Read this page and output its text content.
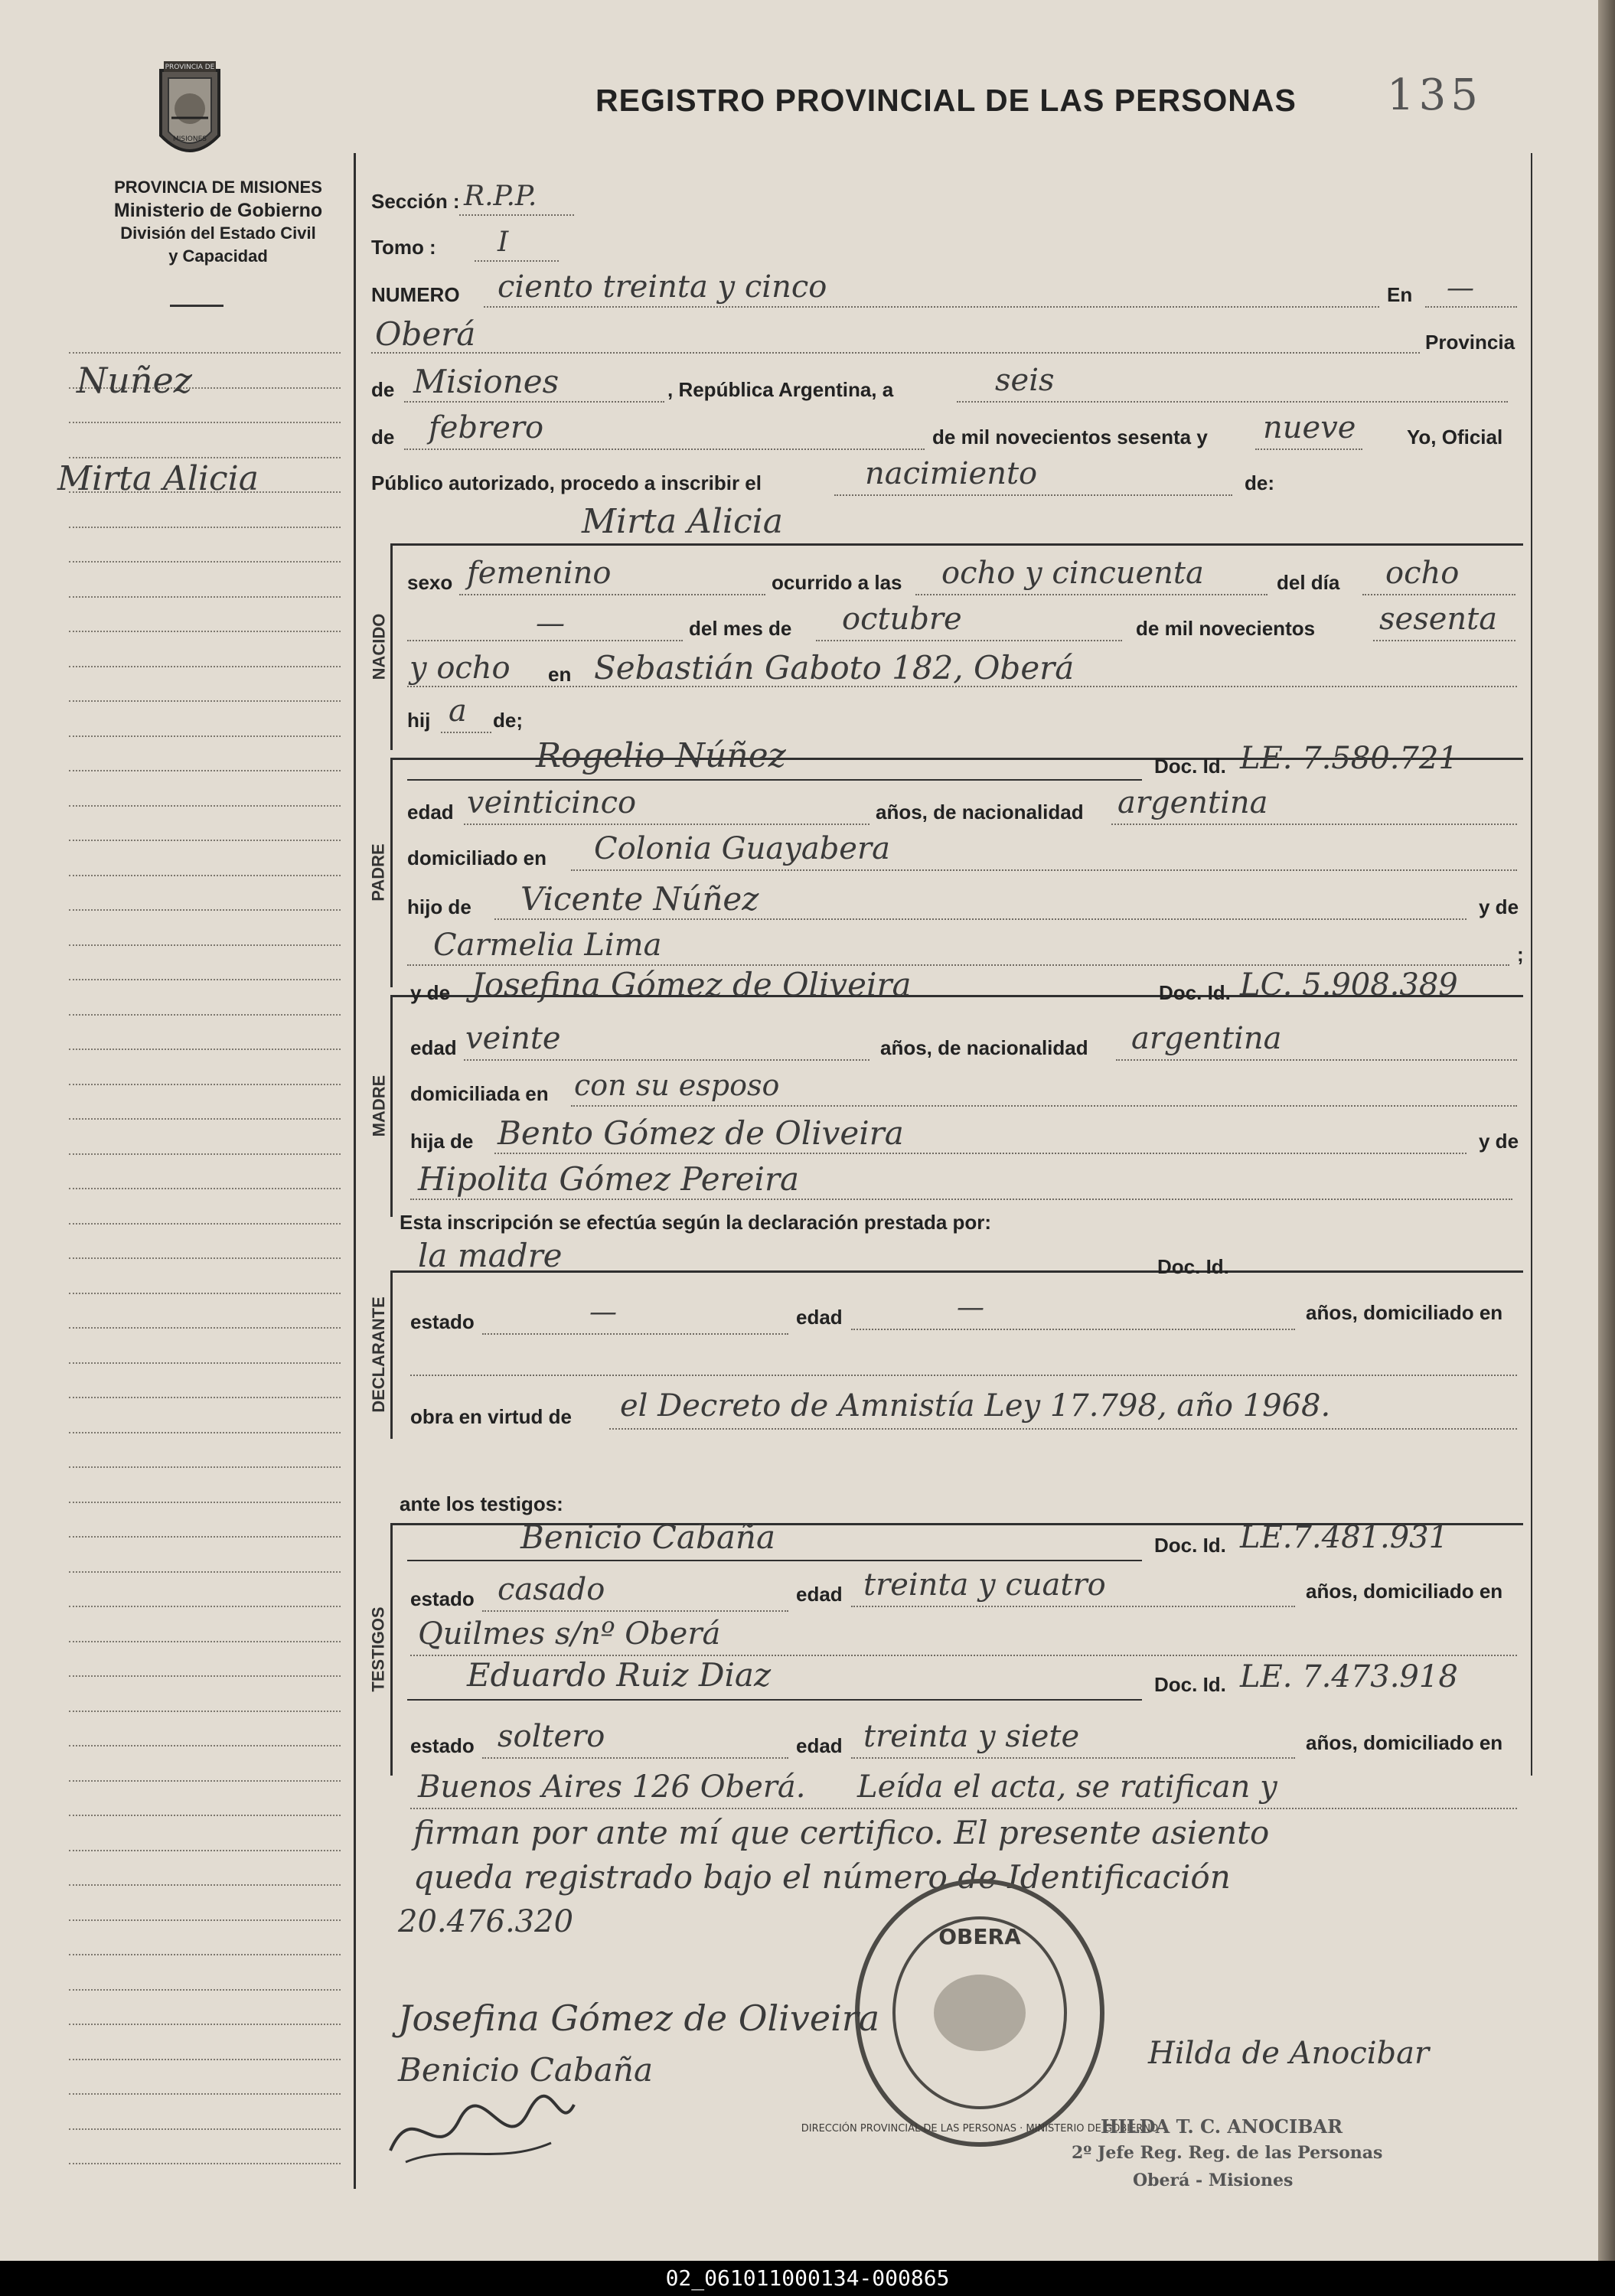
PROVINCIA DE
MISIONES
REGISTRO PROVINCIAL DE LAS PERSONAS 135
PROVINCIA DE MISIONES
Ministerio de Gobierno
División del Estado Civil
y Capacidad
Nuñez
Mirta Alicia
Sección : R.P.P.
Tomo : I
NUMERO ciento treinta y cinco	En —
Oberá	Provincia
de Misiones	, República Argentina, a	seis
de febrero	de mil novecientos sesenta y nueve	Yo, Oficial
Público autorizado, procedo a inscribir el	nacimiento	de:
Mirta Alicia
NACIDO
sexo femenino	ocurrido a las ocho y cincuenta	del día ocho
—	del mes de octubre	de mil novecientos sesenta
y ocho en Sebastián Gaboto 182, Oberá
hij a de;
PADRE
Rogelio Núñez	Doc. Id. LE. 7.580.721
edad veinticinco	años, de nacionalidad argentina
domiciliado en Colonia Guayabera
hijo de Vicente Núñez	y de
Carmelia Lima	;
MADRE
y de Josefina Gómez de Oliveira	Doc. Id. LC. 5.908.389
edad veinte	años, de nacionalidad argentina
domiciliada en con su esposo
hija de Bento Gómez de Oliveira	y de
Hipolita Gómez Pereira
Esta inscripción se efectúa según la declaración prestada por:
DECLARANTE
la madre	Doc. Id.
estado	—	edad	—	años, domiciliado en
obra en virtud de el Decreto de Amnistía Ley 17.798, año 1968.
ante los testigos:
TESTIGOS
Benicio Cabaña	Doc. Id. LE.7.481.931
estado casado	edad treinta y cuatro	años, domiciliado en
Quilmes s/nº Oberá
Eduardo Ruiz Diaz	Doc. Id. LE. 7.473.918
estado soltero	edad treinta y siete	años, domiciliado en
Buenos Aires 126 Oberá. Leída el acta, se ratifican y
firman por ante mí que certifico. El presente asiento
queda registrado bajo el número de Identificación
20.476.320	OBERA
DIRECCIÓN PROVINCIAL DE LAS PERSONAS · MINISTERIO DE GOBIERNO
Josefina Gómez de Oliveira
Benicio Cabaña	Hilda de Anocibar
HILDA T. C. ANOCIBAR
2º Jefe Reg. Reg. de las Personas
Oberá - Misiones
02_061011000134-000865
